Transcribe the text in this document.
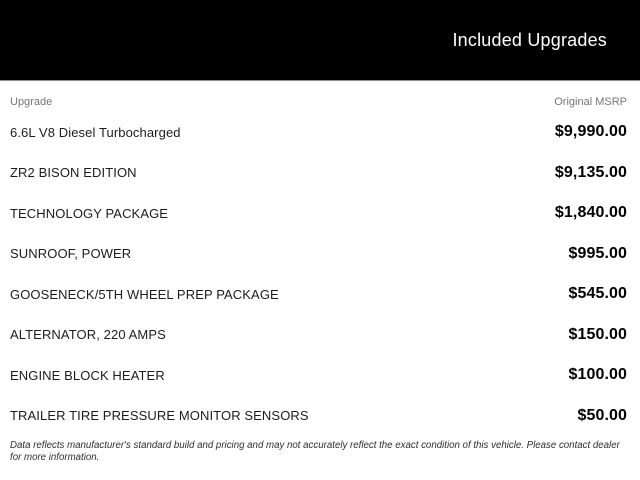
Included Upgrades
Upgrade	Original MSRP
6.6L V8 Diesel Turbocharged	$9,990.00
ZR2 BISON EDITION	$9,135.00
TECHNOLOGY PACKAGE	$1,840.00
SUNROOF, POWER	$995.00
GOOSENECK/5TH WHEEL PREP PACKAGE	$545.00
ALTERNATOR, 220 AMPS	$150.00
ENGINE BLOCK HEATER	$100.00
TRAILER TIRE PRESSURE MONITOR SENSORS	$50.00
Data reflects manufacturer's standard build and pricing and may not accurately reflect the exact condition of this vehicle. Please contact dealer for more information.
